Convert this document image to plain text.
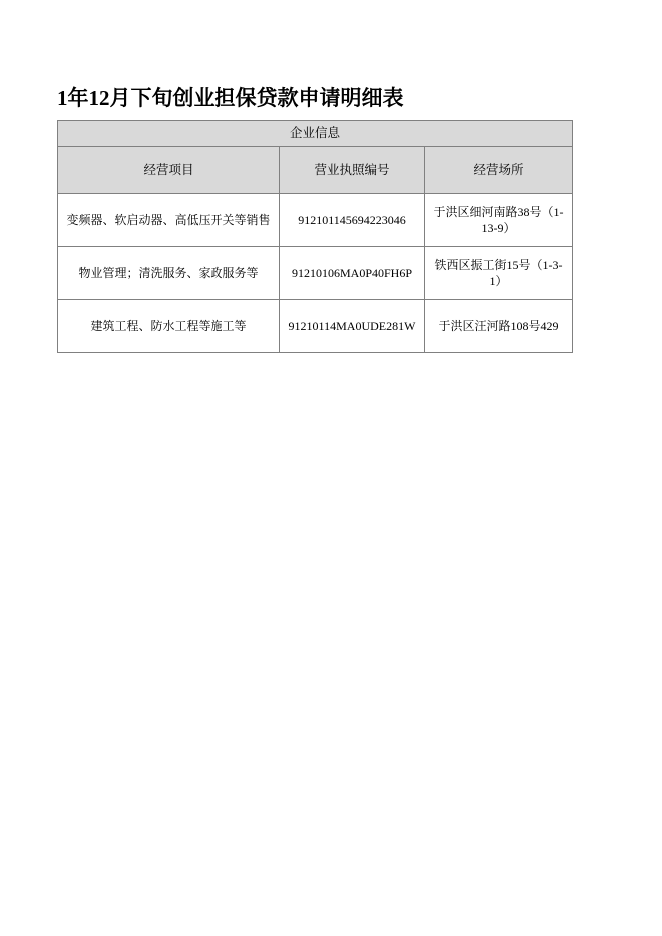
1年12月下旬创业担保贷款申请明细表
企业信息		

经营项目	营业执照编号	经营场所
变频器、软启动器、高低压开关等销售	912101145694223046	于洪区细河南路38号（1-13-9）
物业管理；清洗服务、家政服务等	91210106MA0P40FH6P	铁西区振工街15号（1-3-1）
建筑工程、防水工程等施工等	91210114MA0UDE281W	于洪区汪河路108号429
